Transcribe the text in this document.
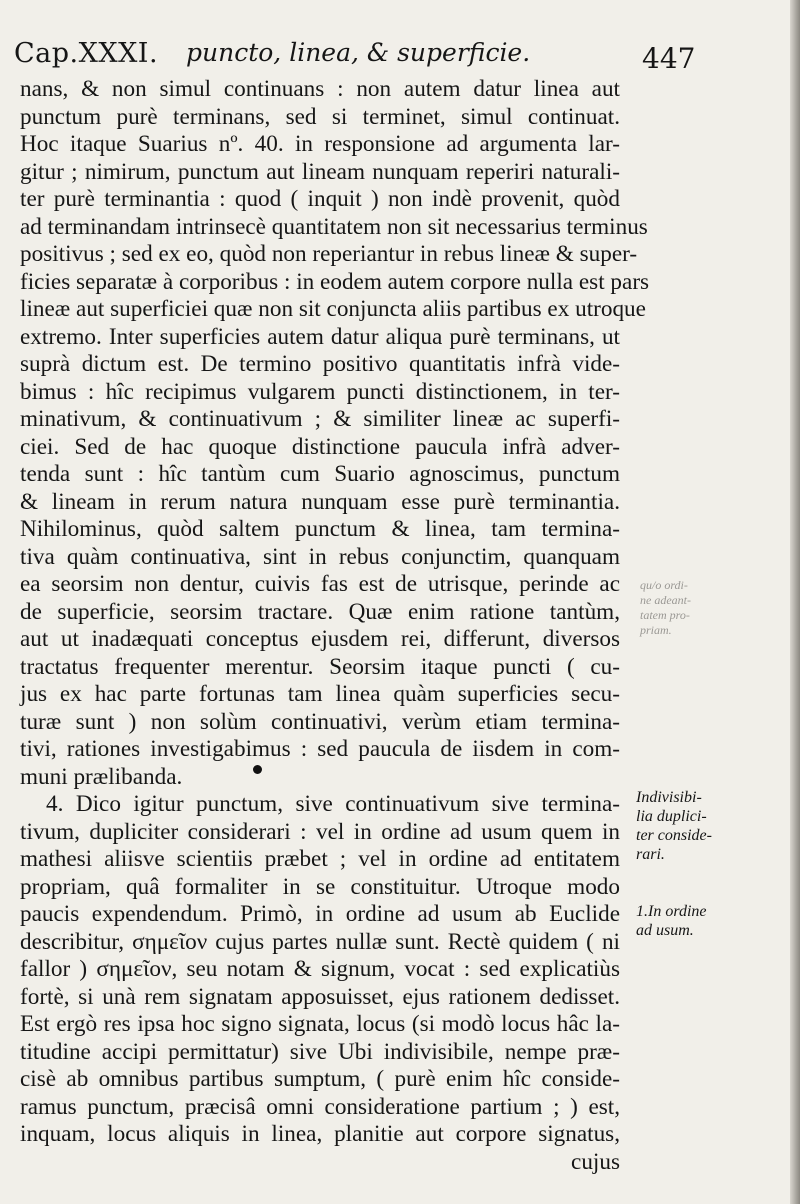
Cap.XXXI. puncto, linea, & superficie.	447
nans, & non simul continuans : non autem datur linea aut
punctum purè terminans, sed si terminet, simul continuat.
Hoc itaque Suarius nº. 40. in responsione ad argumenta lar-
gitur ; nimirum, punctum aut lineam nunquam reperiri naturali-
ter purè terminantia : quod ( inquit ) non indè provenit, quòd
ad terminandam intrinsecè quantitatem non sit necessarius terminus
positivus ; sed ex eo, quòd non reperiantur in rebus lineæ & super-
ficies separatæ à corporibus : in eodem autem corpore nulla est pars
lineæ aut superficiei quæ non sit conjuncta aliis partibus ex utroque
extremo. Inter superficies autem datur aliqua purè terminans, ut
suprà dictum est. De termino positivo quantitatis infrà vide-
bimus : hîc recipimus vulgarem puncti distinctionem, in ter-
minativum, & continuativum ; & similiter lineæ ac superfi-
ciei. Sed de hac quoque distinctione paucula infrà adver-
tenda sunt : hîc tantùm cum Suario agnoscimus, punctum
& lineam in rerum natura nunquam esse purè terminantia.
Nihilominus, quòd saltem punctum & linea, tam termina-
tiva quàm continuativa, sint in rebus conjunctim, quanquam
ea seorsim non dentur, cuivis fas est de utrisque, perinde ac
de superficie, seorsim tractare. Quæ enim ratione tantùm,
aut ut inadæquati conceptus ejusdem rei, differunt, diversos
tractatus frequenter merentur. Seorsim itaque puncti ( cu-
jus ex hac parte fortunas tam linea quàm superficies secu-
turæ sunt ) non solùm continuativi, verùm etiam termina-
tivi, rationes investigabimus : sed paucula de iisdem in com-
muni prælibanda.
4. Dico igitur punctum, sive continuativum sive termina-
tivum, dupliciter considerari : vel in ordine ad usum quem in
mathesi aliisve scientiis præbet ; vel in ordine ad entitatem
propriam, quâ formaliter in se constituitur. Utroque modo
paucis expendendum. Primò, in ordine ad usum ab Euclide
describitur, σημεῖον cujus partes nullæ sunt. Rectè quidem ( ni
fallor ) σημεῖον, seu notam & signum, vocat : sed explicatiùs
fortè, si unà rem signatam apposuisset, ejus rationem dedisset.
Est ergò res ipsa hoc signo signata, locus (si modò locus hâc la-
titudine accipi permittatur) sive Ubi indivisibile, nempe præ-
cisè ab omnibus partibus sumptum, ( purè enim hîc conside-
ramus punctum, præcisâ omni consideratione partium ; ) est,
inquam, locus aliquis in linea, planitie aut corpore signatus,
cujus
Indivisibi-
lia duplici-
ter conside-
rari.
1.In ordine
ad usum.
qu/o ordi-
ne adeant-
tatem pro-
priam.
